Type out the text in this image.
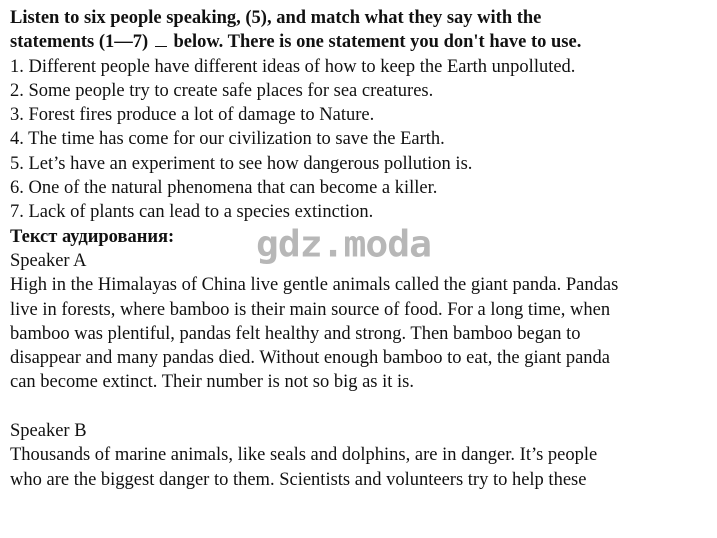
Listen to six people speaking, (5), and match what they say with the
statements (1—7) below. There is one statement you don't have to use.
1. Different people have different ideas of how to keep the Earth unpolluted.
2. Some people try to create safe places for sea creatures.
3. Forest fires produce a lot of damage to Nature.
4. The time has come for our civilization to save the Earth.
5. Let’s have an experiment to see how dangerous pollution is.
6. One of the natural phenomena that can become a killer.
7. Lack of plants can lead to a species extinction.
Текст аудирования:
Speaker A
High in the Himalayas of China live gentle animals called the giant panda. Pandas
live in forests, where bamboo is their main source of food. For a long time, when
bamboo was plentiful, pandas felt healthy and strong. Then bamboo began to
disappear and many pandas died. Without enough bamboo to eat, the giant panda
can become extinct. Their number is not so big as it is.
Speaker B
Thousands of marine animals, like seals and dolphins, are in danger. It’s people
who are the biggest danger to them. Scientists and volunteers try to help these
gdz.moda
